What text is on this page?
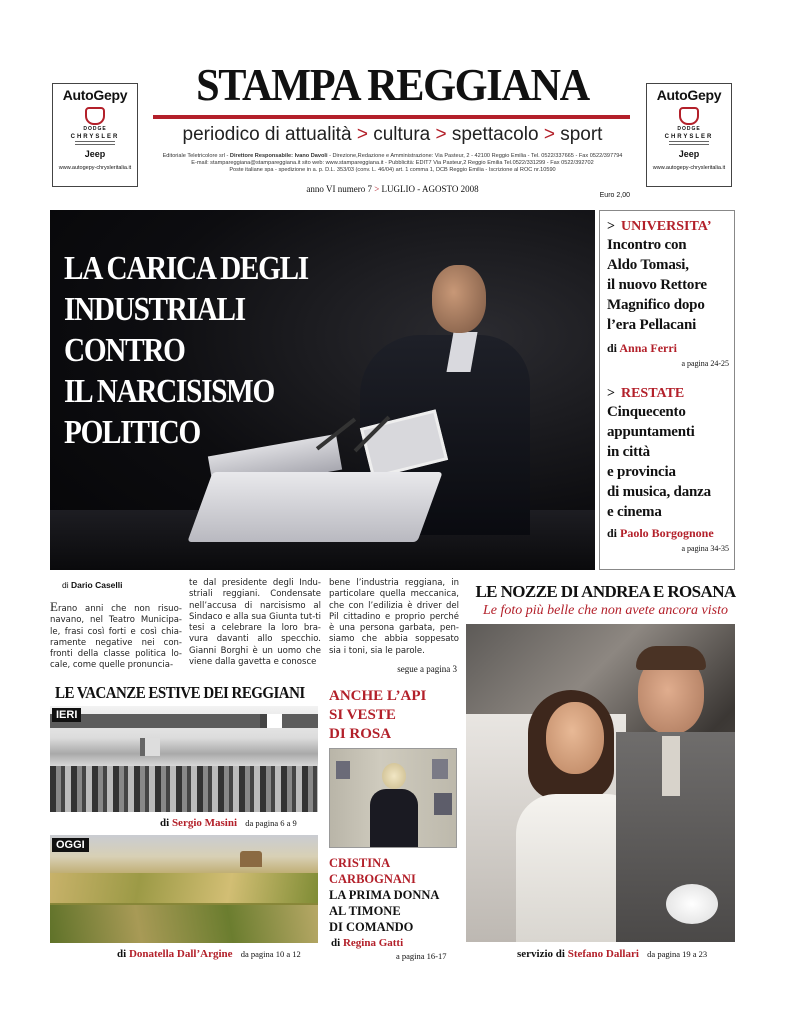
AutoGepy
DODGE
CHRYSLER
Jeep
www.autogepy-chrysleritalia.it
AutoGepy
DODGE
CHRYSLER
Jeep
www.autogepy-chrysleritalia.it
STAMPA REGGIANA
periodico di attualità > cultura > spettacolo > sport
Editoriale Teletricolore srl - Direttore Responsabile: Ivano Davoli - Direzione,Redazione e Amministrazione: Via Pasteur, 2 - 42100 Reggio Emilia - Tel. 0522/337665 - Fax 0522/397794
E-mail: stampareggiana@stampareggiana.it sito web: www.stampareggiana.it - Pubblicità: EDIT7 Via Pasteur,2 Reggio Emilia Tel.0522/331299 - Fax 0522/392702
Poste italiane spa - spedizione in a. p. D.L. 353/03 (conv. L. 46/04) art. 1 comma 1, DCB Reggio Emilia - Iscrizione al ROC nr.10590
anno VI numero 7 > LUGLIO - AGOSTO 2008
Euro 2,00
LA CARICA DEGLI
INDUSTRIALI
CONTRO
IL NARCISISMO
POLITICO
> UNIVERSITA’
Incontro con
Aldo Tomasi,
il nuovo Rettore
Magnifico dopo
l’era Pellacani
di Anna Ferri
a pagina 24-25
> RESTATE
Cinquecento
appuntamenti
in città
e provincia
di musica, danza
e cinema
di Paolo Borgognone
a pagina 34-35
di Dario Caselli
Erano anni che non risuo-navano, nel Teatro Municipa-le, frasi così forti e così chia-ramente negative nei con-fronti della classe politica lo-cale, come quelle pronuncia-
te dal presidente degli Indu-striali reggiani. Condensate nell’accusa di narcisismo al Sindaco e alla sua Giunta tut-ti tesi a celebrare la loro bra-vura davanti allo specchio. Gianni Borghi è un uomo che viene dalla gavetta e conosce
bene l’industria reggiana, in particolare quella meccanica, che con l’edilizia è driver del Pil cittadino e proprio perché è una persona garbata, pen-siamo che abbia soppesato sia i toni, sia le parole.
segue a pagina 3
LE VACANZE ESTIVE DEI REGGIANI
IERI
di Sergio Masini da pagina 6 a 9
OGGI
di Donatella Dall’Argine da pagina 10 a 12
ANCHE L’API
SI VESTE
DI ROSA
CRISTINA
CARBOGNANI
LA PRIMA DONNA
AL TIMONE
DI COMANDO
di Regina Gatti
a pagina 16-17
LE NOZZE DI ANDREA E ROSANA
Le foto più belle che non avete ancora visto
servizio di Stefano Dallari da pagina 19 a 23
